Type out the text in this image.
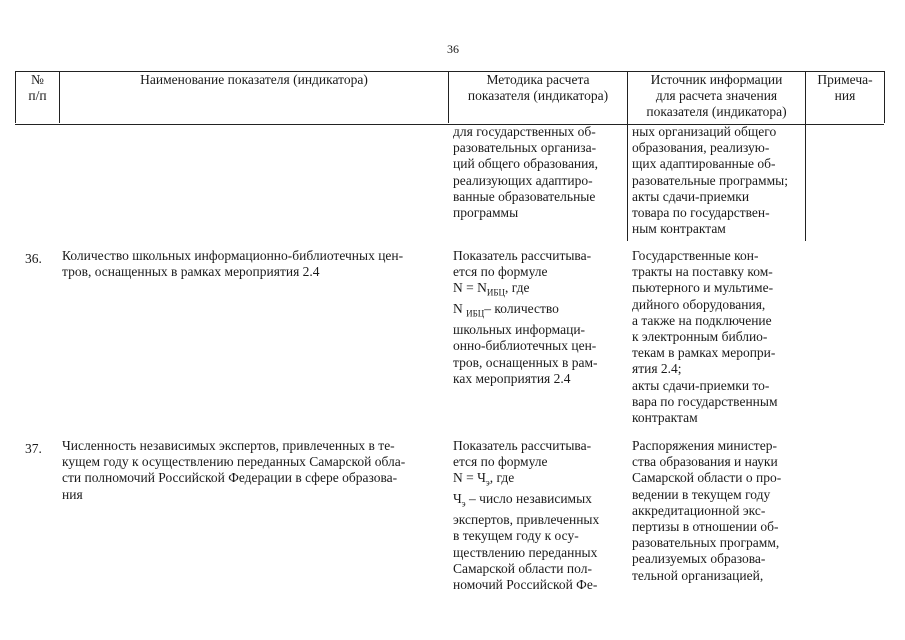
36
№
п/п
Наименование показателя (индикатора)	Методика расчета
показателя (индикатора)
Источник информации
для расчета значения
показателя (индикатора)
Примеча-
ния
для государственных об-
разовательных организа-
ций общего образования,
реализующих адаптиро-
ванные образовательные
программы
ных организаций общего
образования, реализую-
щих адаптированные об-
разовательные программы;
акты сдачи-приемки
товара по государствен-
ным контрактам
36. Количество школьных информационно-библиотечных цен-
тров, оснащенных в рамках мероприятия 2.4
Показатель рассчитыва-
ется по формуле
$N = N_{ИБЦ}$, где
N $_{ИБЦ}$– количество
школьных информаци-
онно-библиотечных цен-
тров, оснащенных в рам-
ках мероприятия 2.4
Государственные кон-
тракты на поставку ком-
пьютерного и мультиме-
дийного оборудования,
а также на подключение
к электронным библио-
текам в рамках меропри-
ятия 2.4;
акты сдачи-приемки то-
вара по государственным
контрактам
37. Численность независимых экспертов, привлеченных в те-
кущем году к осуществлению переданных Самарской обла-
сти полномочий Российской Федерации в сфере образова-
ния
Показатель рассчитыва-
ется по формуле
$N = Ч_э$, где
$Ч_э$ – число независимых
экспертов, привлеченных
в текущем году к осу-
ществлению переданных
Самарской области пол-
номочий Российской Фе-
Распоряжения министер-
ства образования и науки
Самарской области о про-
ведении в текущем году
аккредитационной экс-
пертизы в отношении об-
разовательных программ,
реализуемых образова-
тельной организацией,
